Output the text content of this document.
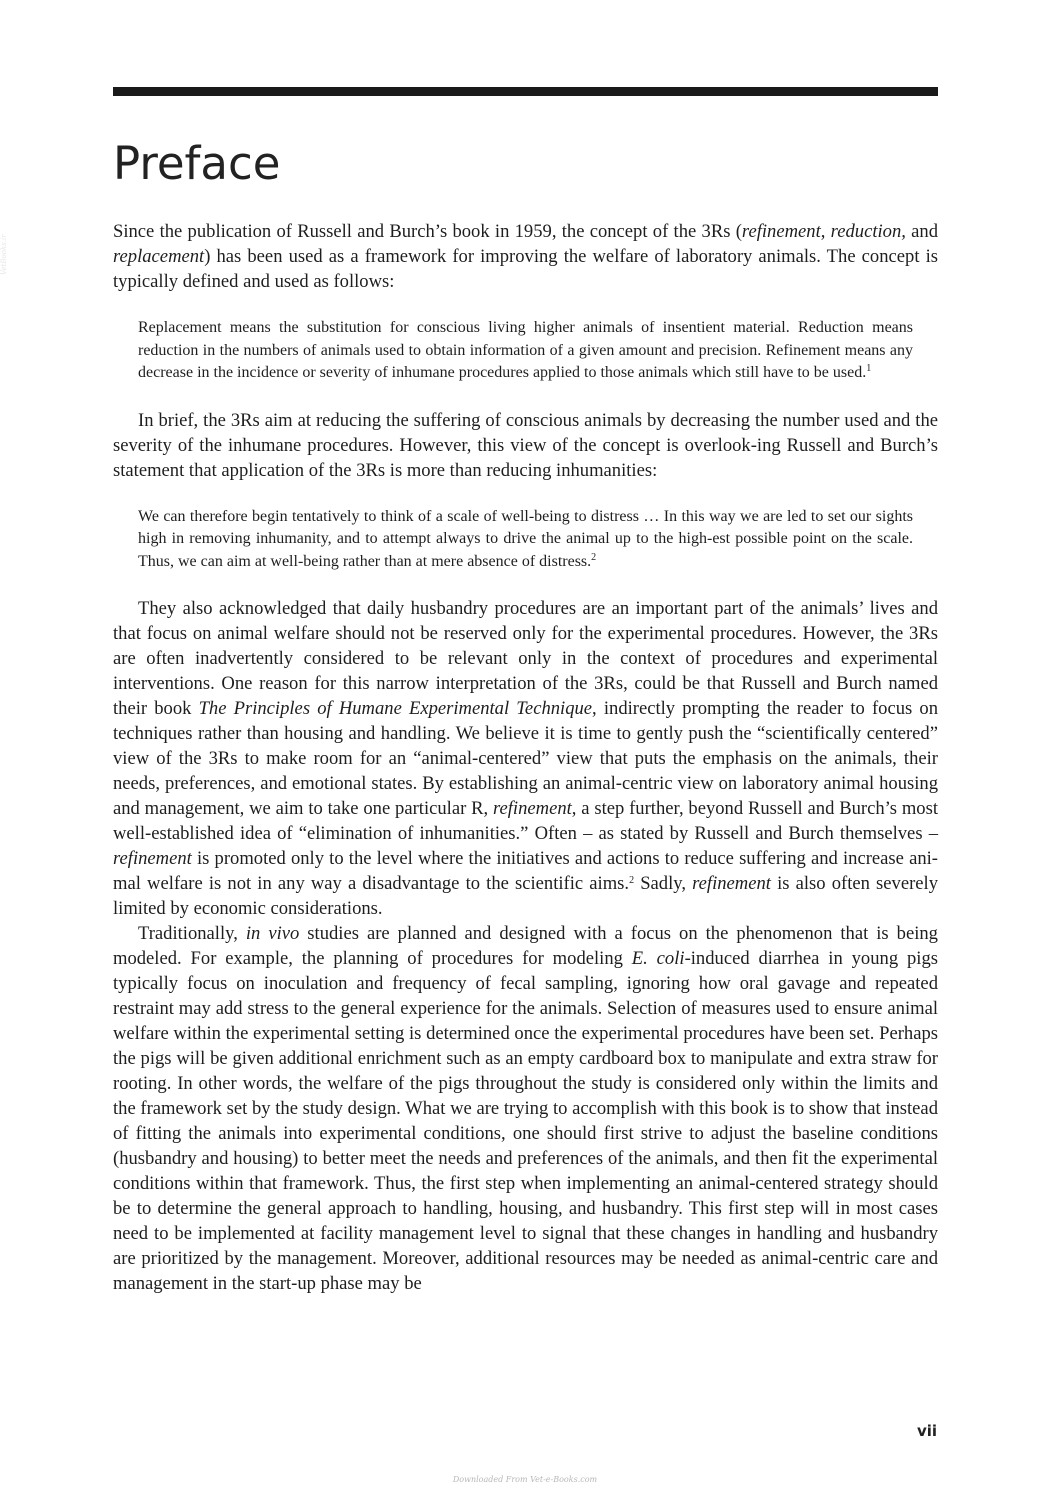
VetBooks.ir
Preface

Since the publication of Russell and Burch’s book in 1959, the concept of the 3Rs (refinement, reduction, and replacement) has been used as a framework for improving the welfare of laboratory animals. The concept is typically defined and used as follows:

Replacement means the substitution for conscious living higher animals of insentient material. Reduction means reduction in the numbers of animals used to obtain information of a given amount and precision. Refinement means any decrease in the incidence or severity of inhumane procedures applied to those animals which still have to be used.$^1$

In brief, the 3Rs aim at reducing the suffering of conscious animals by decreasing the number used and the severity of the inhumane procedures. However, this view of the concept is overlook-ing Russell and Burch’s statement that application of the 3Rs is more than reducing inhumanities:

We can therefore begin tentatively to think of a scale of well-being to distress … In this way we are led to set our sights high in removing inhumanity, and to attempt always to drive the animal up to the high-est possible point on the scale. Thus, we can aim at well-being rather than at mere absence of distress.$^2$

They also acknowledged that daily husbandry procedures are an important part of the animals’ lives and that focus on animal welfare should not be reserved only for the experimental procedures. However, the 3Rs are often inadvertently considered to be relevant only in the context of procedures and experimental interventions. One reason for this narrow interpretation of the 3Rs, could be that Russell and Burch named their book The Principles of Humane Experimental Technique, indirectly prompting the reader to focus on techniques rather than housing and handling. We believe it is time to gently push the “scientifically centered” view of the 3Rs to make room for an “animal-centered” view that puts the emphasis on the animals, their needs, preferences, and emotional states. By establishing an animal-centric view on laboratory animal housing and management, we aim to take one particular R, refinement, a step further, beyond Russell and Burch’s most well-established idea of “elimination of inhumanities.” Often – as stated by Russell and Burch themselves – refinement is promoted only to the level where the initiatives and actions to reduce suffering and increase ani-mal welfare is not in any way a disadvantage to the scientific aims.$^2$ Sadly, refinement is also often severely limited by economic considerations.

Traditionally, in vivo studies are planned and designed with a focus on the phenomenon that is being modeled. For example, the planning of procedures for modeling E. coli-induced diarrhea in young pigs typically focus on inoculation and frequency of fecal sampling, ignoring how oral gavage and repeated restraint may add stress to the general experience for the animals. Selection of measures used to ensure animal welfare within the experimental setting is determined once the experimental procedures have been set. Perhaps the pigs will be given additional enrichment such as an empty cardboard box to manipulate and extra straw for rooting. In other words, the welfare of the pigs throughout the study is considered only within the limits and the framework set by the study design. What we are trying to accomplish with this book is to show that instead of fitting the animals into experimental conditions, one should first strive to adjust the baseline conditions (husbandry and housing) to better meet the needs and preferences of the animals, and then fit the experimental conditions within that framework. Thus, the first step when implementing an animal-centered strategy should be to determine the general approach to handling, housing, and husbandry. This first step will in most cases need to be implemented at facility management level to signal that these changes in handling and husbandry are prioritized by the management. Moreover, additional resources may be needed as animal-centric care and management in the start-up phase may be

vii
Downloaded From Vet-e-Books.com
